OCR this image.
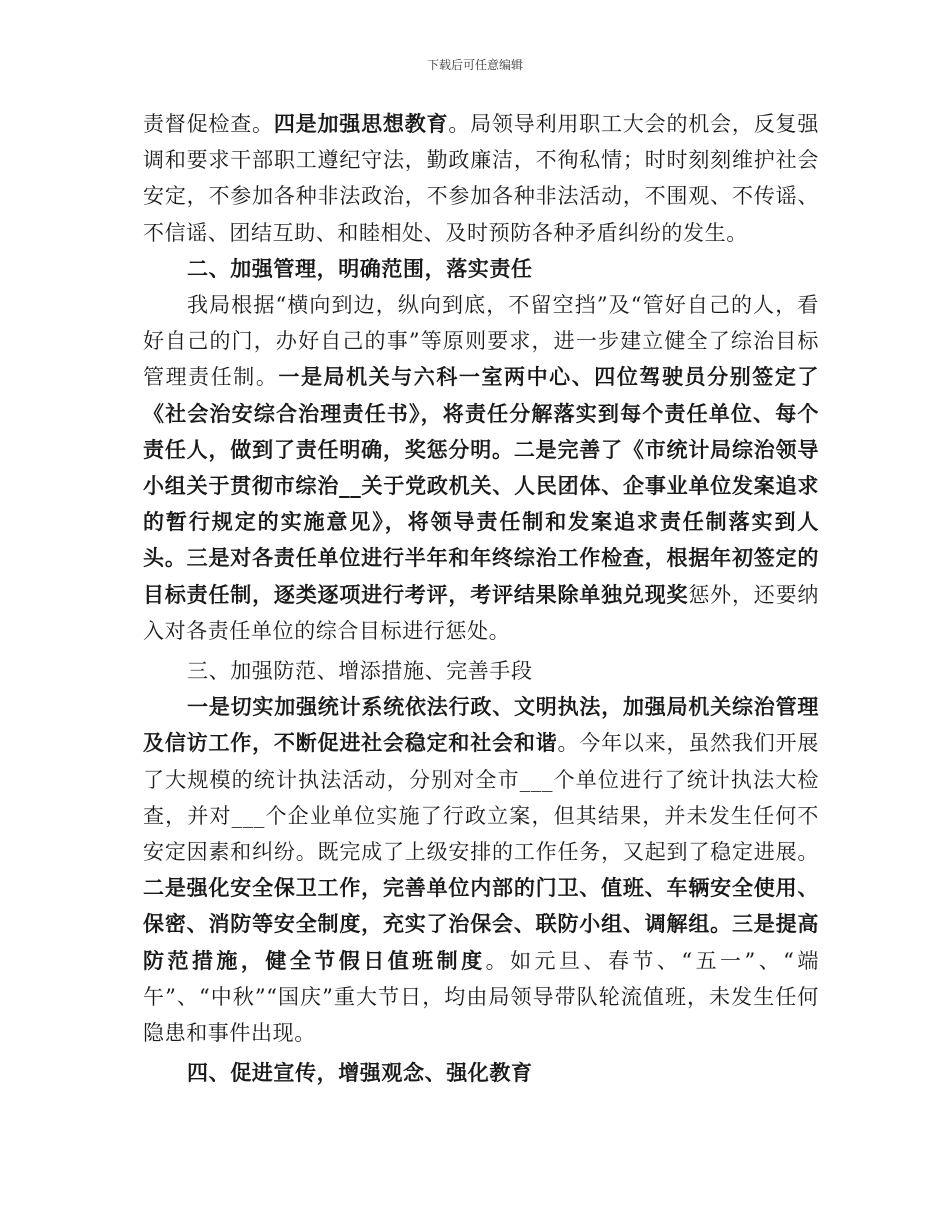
下载后可任意编辑

责督促检查。四是加强思想教育。局领导利用职工大会的机会，反复强调和要求干部职工遵纪守法，勤政廉洁，不徇私情；时时刻刻维护社会安定，不参加各种非法政治，不参加各种非法活动，不围观、不传谣、不信谣、团结互助、和睦相处、及时预防各种矛盾纠纷的发生。

二、加强管理，明确范围，落实责任

我局根据“横向到边，纵向到底，不留空挡”及“管好自己的人，看好自己的门，办好自己的事”等原则要求，进一步建立健全了综治目标管理责任制。一是局机关与六科一室两中心、四位驾驶员分别签定了《社会治安综合治理责任书》，将责任分解落实到每个责任单位、每个责任人，做到了责任明确，奖惩分明。二是完善了《市统计局综治领导小组关于贯彻市综治__关于党政机关、人民团体、企事业单位发案追求的暂行规定的实施意见》，将领导责任制和发案追求责任制落实到人头。三是对各责任单位进行半年和年终综治工作检查，根据年初签定的目标责任制，逐类逐项进行考评，考评结果除单独兑现奖惩外，还要纳入对各责任单位的综合目标进行惩处。

三、加强防范、增添措施、完善手段

一是切实加强统计系统依法行政、文明执法，加强局机关综治管理及信访工作，不断促进社会稳定和社会和谐。今年以来，虽然我们开展了大规模的统计执法活动，分别对全市___个单位进行了统计执法大检查，并对___个企业单位实施了行政立案，但其结果，并未发生任何不安定因素和纠纷。既完成了上级安排的工作任务，又起到了稳定进展。二是强化安全保卫工作，完善单位内部的门卫、值班、车辆安全使用、保密、消防等安全制度，充实了治保会、联防小组、调解组。三是提高防范措施，健全节假日值班制度。如元旦、春节、“五一”、“端午”、“中秋”“国庆”重大节日，均由局领导带队轮流值班，未发生任何隐患和事件出现。

四、促进宣传，增强观念、强化教育
